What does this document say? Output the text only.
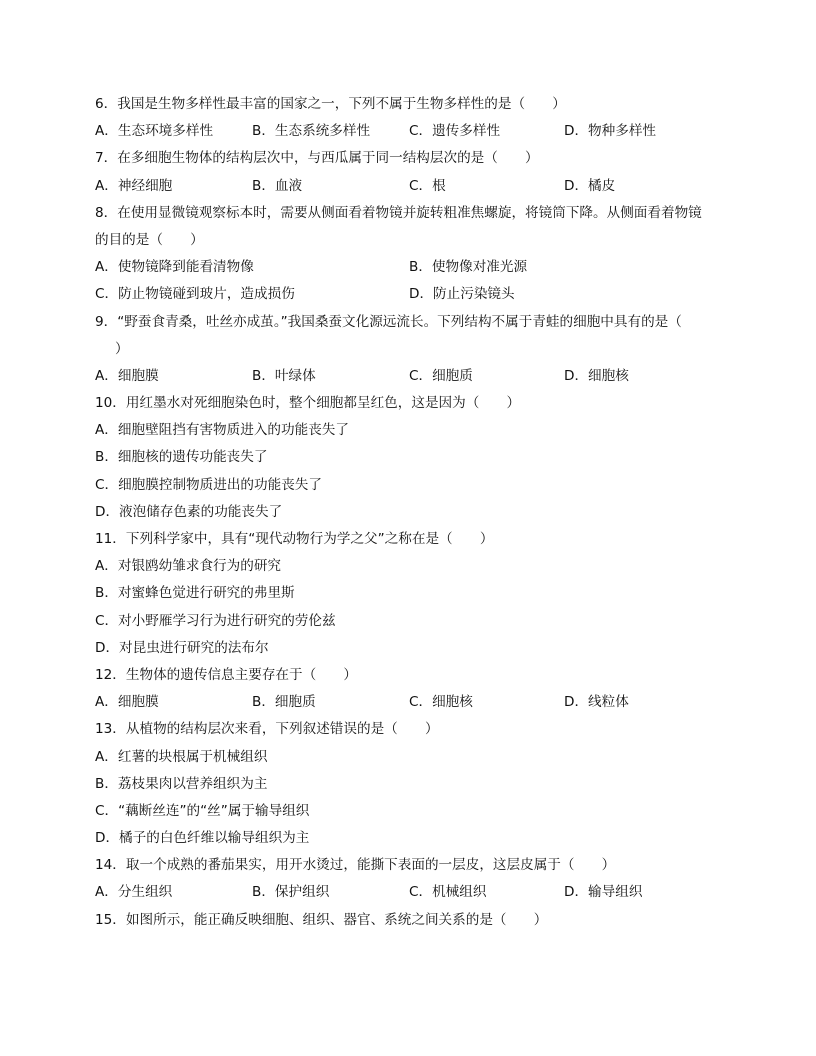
6．我国是生物多样性最丰富的国家之一，下列不属于生物多样性的是（　　）
A．生态环境多样性	B．生态系统多样性	C．遗传多样性	D．物种多样性
7．在多细胞生物体的结构层次中，与西瓜属于同一结构层次的是（　　）
A．神经细胞	B．血液	C．根	D．橘皮
8．在使用显微镜观察标本时，需要从侧面看着物镜并旋转粗准焦螺旋，将镜筒下降。从侧面看着物镜
的目的是（　　）
A．使物镜降到能看清物像	B．使物像对准光源
C．防止物镜碰到玻片，造成损伤	D．防止污染镜头
9．“野蚕食青桑，吐丝亦成茧。”我国桑蚕文化源远流长。下列结构不属于青蛙的细胞中具有的是（
）
A．细胞膜	B．叶绿体	C．细胞质	D．细胞核
10．用红墨水对死细胞染色时，整个细胞都呈红色，这是因为（　　）
A．细胞壁阻挡有害物质进入的功能丧失了
B．细胞核的遗传功能丧失了
C．细胞膜控制物质进出的功能丧失了
D．液泡储存色素的功能丧失了
11．下列科学家中，具有“现代动物行为学之父”之称在是（　　）
A．对银鸥幼雏求食行为的研究
B．对蜜蜂色觉进行研究的弗里斯
C．对小野雁学习行为进行研究的劳伦兹
D．对昆虫进行研究的法布尔
12．生物体的遗传信息主要存在于（　　）
A．细胞膜	B．细胞质	C．细胞核	D．线粒体
13．从植物的结构层次来看，下列叙述错误的是（　　）
A．红薯的块根属于机械组织
B．荔枝果肉以营养组织为主
C．“藕断丝连”的“丝”属于输导组织
D．橘子的白色纤维以输导组织为主
14．取一个成熟的番茄果实，用开水烫过，能撕下表面的一层皮，这层皮属于（　　）
A．分生组织	B．保护组织	C．机械组织	D．输导组织
15．如图所示，能正确反映细胞、组织、器官、系统之间关系的是（　　）
